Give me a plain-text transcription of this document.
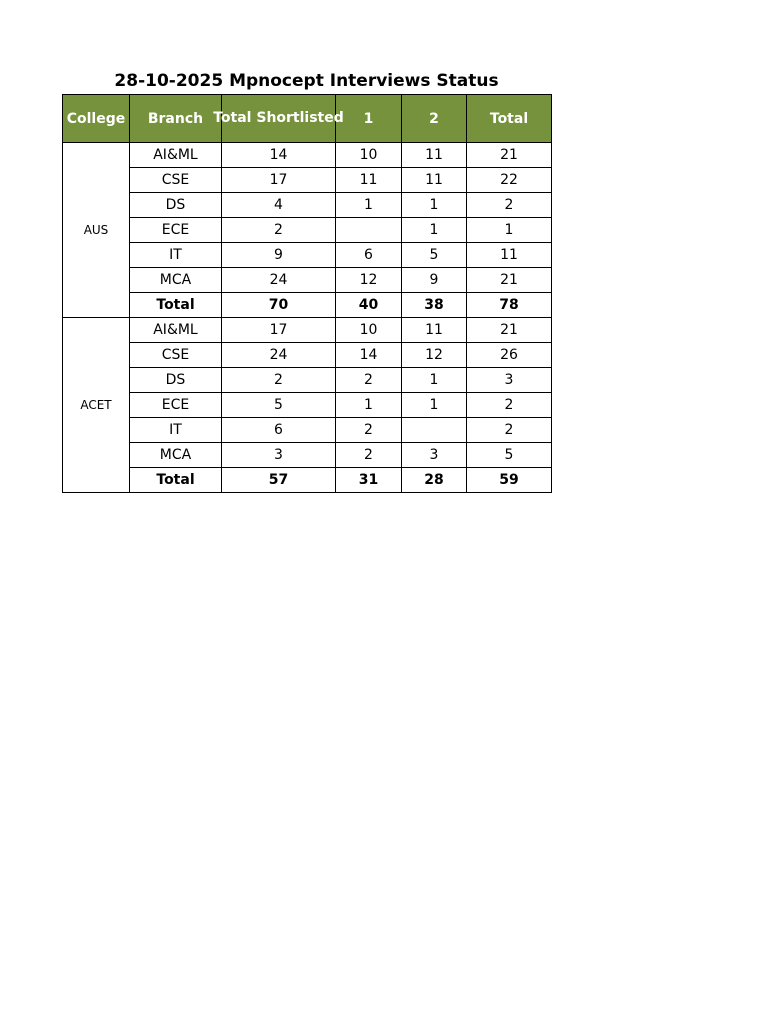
28-10-2025 Mpnocept Interviews Status
College	Branch	Total Shortlisted	1	2	Total
AUS	AI&ML	14	10	11	21
	CSE	17	11	11	22
	DS	4	1	1	2
	ECE	2		1	1
	IT	9	6	5	11
	MCA	24	12	9	21
	Total	70	40	38	78
ACET	AI&ML	17	10	11	21
	CSE	24	14	12	26
	DS	2	2	1	3
	ECE	5	1	1	2
	IT	6	2		2
	MCA	3	2	3	5
	Total	57	31	28	59
